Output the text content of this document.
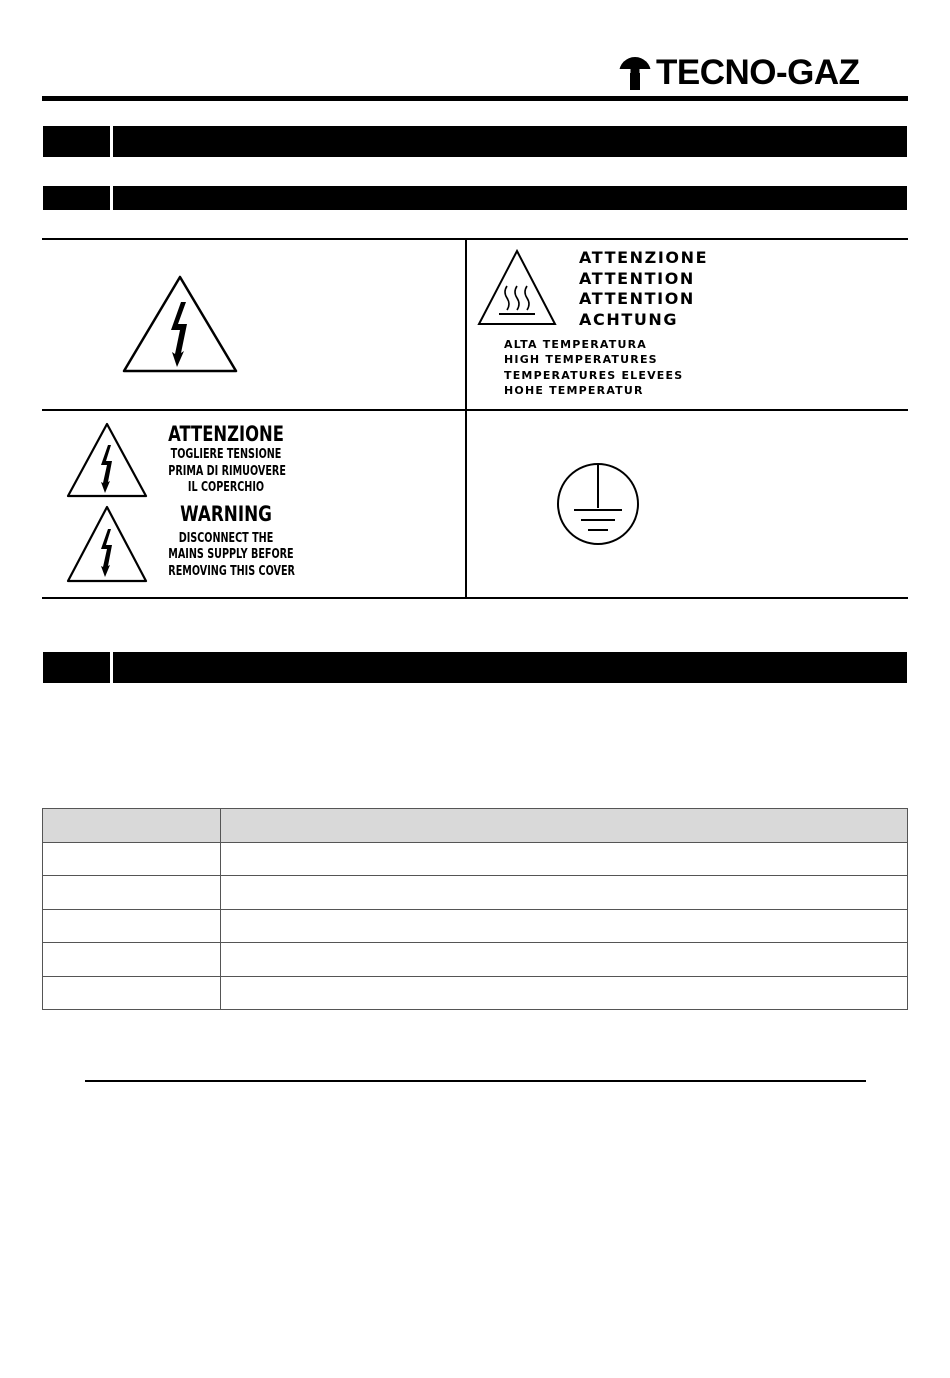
TECNO-GAZ
ATTENZIONE
ATTENTION
ATTENTION
ACHTUNG
ALTA TEMPERATURA
HIGH TEMPERATURES
TEMPERATURES ELEVEES
HOHE TEMPERATUR
ATTENZIONE
TOGLIERE TENSIONE
PRIMA DI RIMUOVERE
IL COPERCHIO
WARNING
DISCONNECT THE
MAINS SUPPLY BEFORE
REMOVING THIS COVER
